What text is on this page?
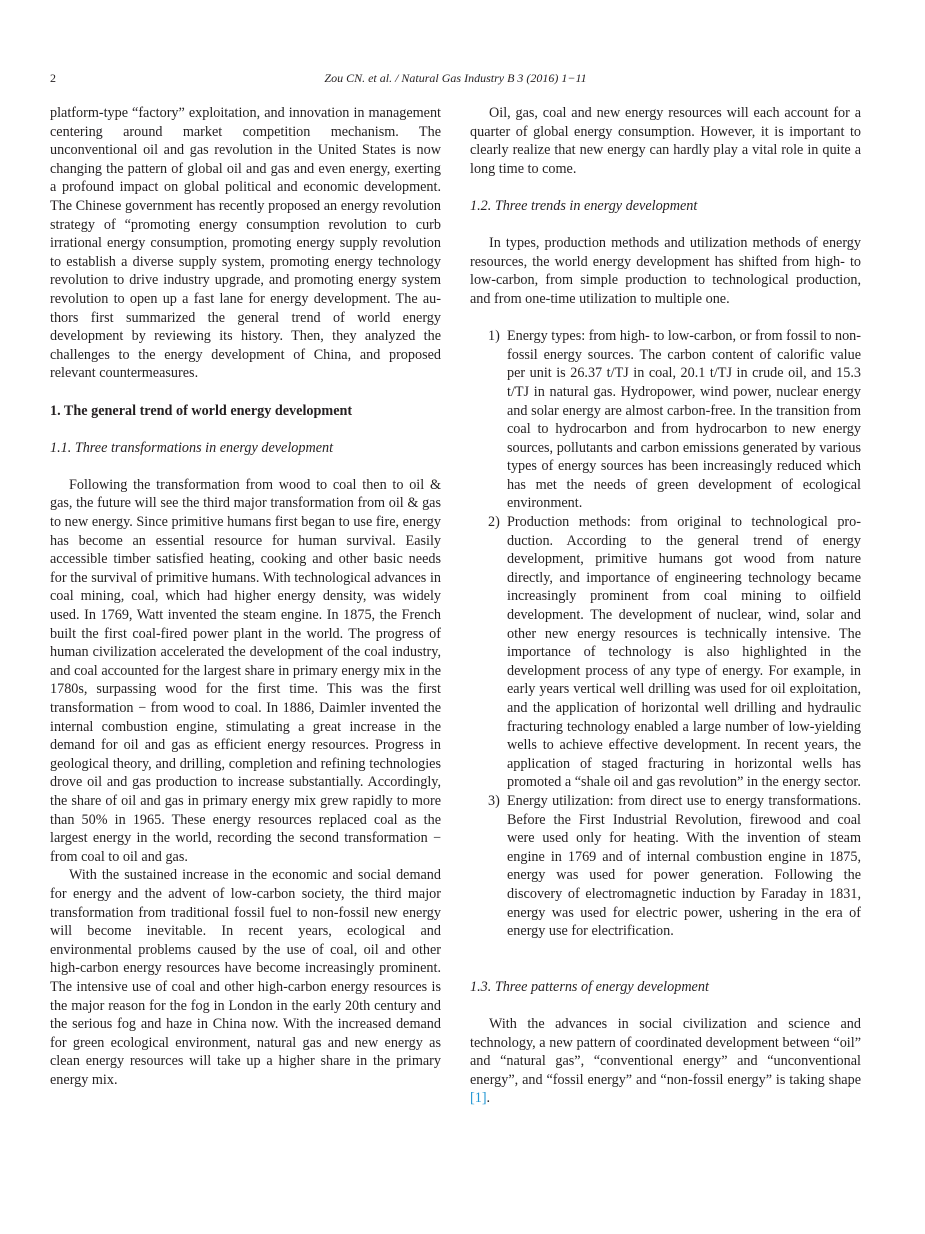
2	Zou CN. et al. / Natural Gas Industry B 3 (2016) 1−11

platform-type “factory” exploitation, and innovation in management centering around market competition mechanism. The unconventional oil and gas revolution in the United States is now changing the pattern of global oil and gas and even energy, exerting a profound impact on global political and economic development. The Chinese government has recently proposed an energy revolution strategy of “promoting energy consumption revolution to curb irrational energy consumption, promoting energy supply revolution to establish a diverse supply system, promoting energy technology revolution to drive industry upgrade, and promoting energy system revolution to open up a fast lane for energy development. The authors first summarized the general trend of world energy development by reviewing its history. Then, they analyzed the challenges to the energy development of China, and proposed relevant countermeasures.

1. The general trend of world energy development
1.1. Three transformations in energy development

Following the transformation from wood to coal then to oil & gas, the future will see the third major transformation from oil & gas to new energy. Since primitive humans first began to use fire, energy has become an essential resource for human survival. Easily accessible timber satisfied heating, cooking and other basic needs for the survival of primitive humans. With technological advances in coal mining, coal, which had higher energy density, was widely used. In 1769, Watt invented the steam engine. In 1875, the French built the first coal-fired power plant in the world. The progress of human civilization accelerated the development of the coal industry, and coal accounted for the largest share in primary energy mix in the 1780s, surpassing wood for the first time. This was the first transformation − from wood to coal. In 1886, Daimler invented the internal combustion engine, stimulating a great increase in the demand for oil and gas as efficient energy resources. Progress in geological theory, and drilling, completion and refining technologies drove oil and gas production to increase substantially. Accordingly, the share of oil and gas in primary energy mix grew rapidly to more than 50% in 1965. These energy resources replaced coal as the largest energy in the world, recording the second transformation − from coal to oil and gas.

With the sustained increase in the economic and social demand for energy and the advent of low-carbon society, the third major transformation from traditional fossil fuel to non-fossil new energy will become inevitable. In recent years, ecological and environmental problems caused by the use of coal, oil and other high-carbon energy resources have become increasingly prominent. The intensive use of coal and other high-carbon energy resources is the major reason for the fog in London in the early 20th century and the serious fog and haze in China now. With the increased demand for green ecological environment, natural gas and new energy as clean energy resources will take up a higher share in the primary energy mix.

Oil, gas, coal and new energy resources will each account for a quarter of global energy consumption. However, it is important to clearly realize that new energy can hardly play a vital role in quite a long time to come.

1.2. Three trends in energy development

In types, production methods and utilization methods of energy resources, the world energy development has shifted from high- to low-carbon, from simple production to technological production, and from one-time utilization to multiple one.

1) Energy types: from high- to low-carbon, or from fossil to non-fossil energy sources. The carbon content of calorific value per unit is 26.37 t/TJ in coal, 20.1 t/TJ in crude oil, and 15.3 t/TJ in natural gas. Hydropower, wind power, nuclear energy and solar energy are almost carbon-free. In the transition from coal to hydrocarbon and from hydrocarbon to new energy sources, pollutants and carbon emissions generated by various types of energy sources has been increasingly reduced which has met the needs of green development of ecological environment.
2) Production methods: from original to technological production. According to the general trend of energy development, primitive humans got wood from nature directly, and importance of engineering technology became increasingly prominent from coal mining to oilfield development. The development of nuclear, wind, solar and other new energy resources is technically intensive. The importance of technology is also highlighted in the development process of any type of energy. For example, in early years vertical well drilling was used for oil exploitation, and the application of horizontal well drilling and hydraulic fracturing technology enabled a large number of low-yielding wells to achieve effective development. In recent years, the application of staged fracturing in horizontal wells has promoted a “shale oil and gas revolution” in the energy sector.
3) Energy utilization: from direct use to energy transformations. Before the First Industrial Revolution, firewood and coal were used only for heating. With the invention of steam engine in 1769 and of internal combustion engine in 1875, energy was used for power generation. Following the discovery of electromagnetic induction by Faraday in 1831, energy was used for electric power, ushering in the era of energy use for electrification.
1.3. Three patterns of energy development

With the advances in social civilization and science and technology, a new pattern of coordinated development between “oil” and “natural gas”, “conventional energy” and “unconventional energy”, and “fossil energy” and “non-fossil energy” is taking shape [1].
